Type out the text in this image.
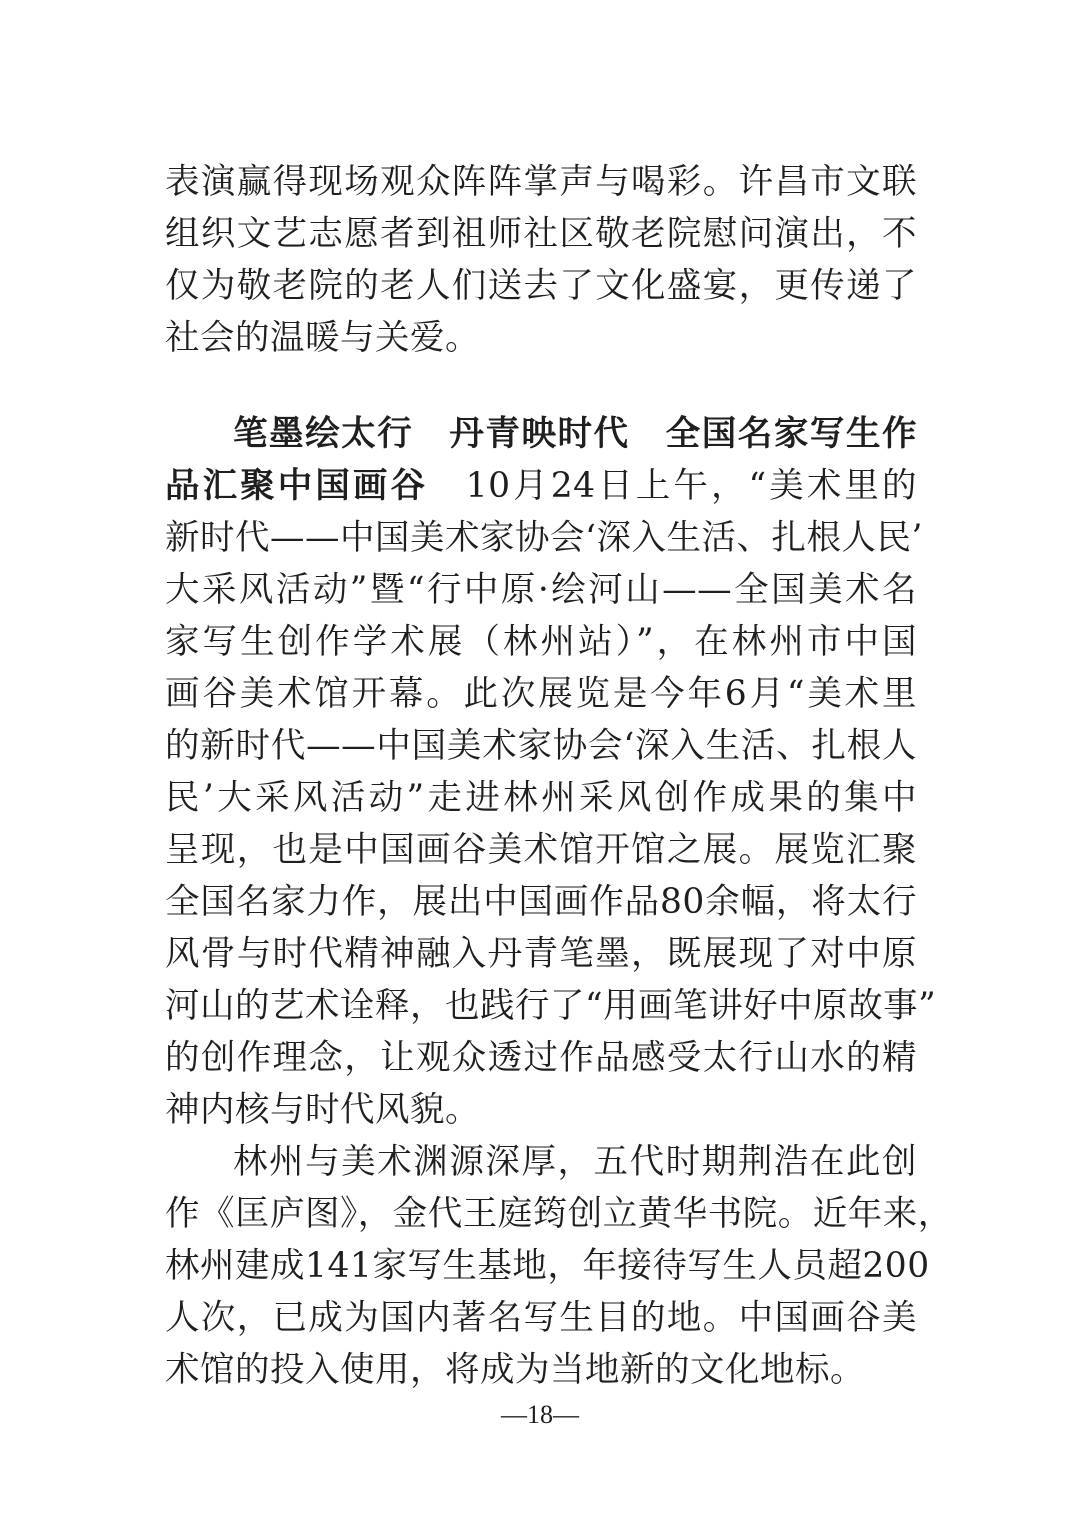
表演赢得现场观众阵阵掌声与喝彩。许昌市文联
组织文艺志愿者到祖师社区敬老院慰问演出，不
仅为敬老院的老人们送去了文化盛宴，更传递了
社会的温暖与关爱。
笔墨绘太行　丹青映时代　全国名家写生作
品汇聚中国画谷　10月24日上午，“美术里的
新时代——中国美术家协会‘深入生活、扎根人民’
大采风活动”暨“行中原·绘河山——全国美术名
家写生创作学术展（林州站）”，在林州市中国
画谷美术馆开幕。此次展览是今年6月“美术里
的新时代——中国美术家协会‘深入生活、扎根人
民’大采风活动”走进林州采风创作成果的集中
呈现，也是中国画谷美术馆开馆之展。展览汇聚
全国名家力作，展出中国画作品80余幅，将太行
风骨与时代精神融入丹青笔墨，既展现了对中原
河山的艺术诠释，也践行了“用画笔讲好中原故事”
的创作理念，让观众透过作品感受太行山水的精
神内核与时代风貌。
林州与美术渊源深厚，五代时期荆浩在此创
作《匡庐图》，金代王庭筠创立黄华书院。近年来，
林州建成141家写生基地，年接待写生人员超200
人次，已成为国内著名写生目的地。中国画谷美
术馆的投入使用，将成为当地新的文化地标。
—18—
